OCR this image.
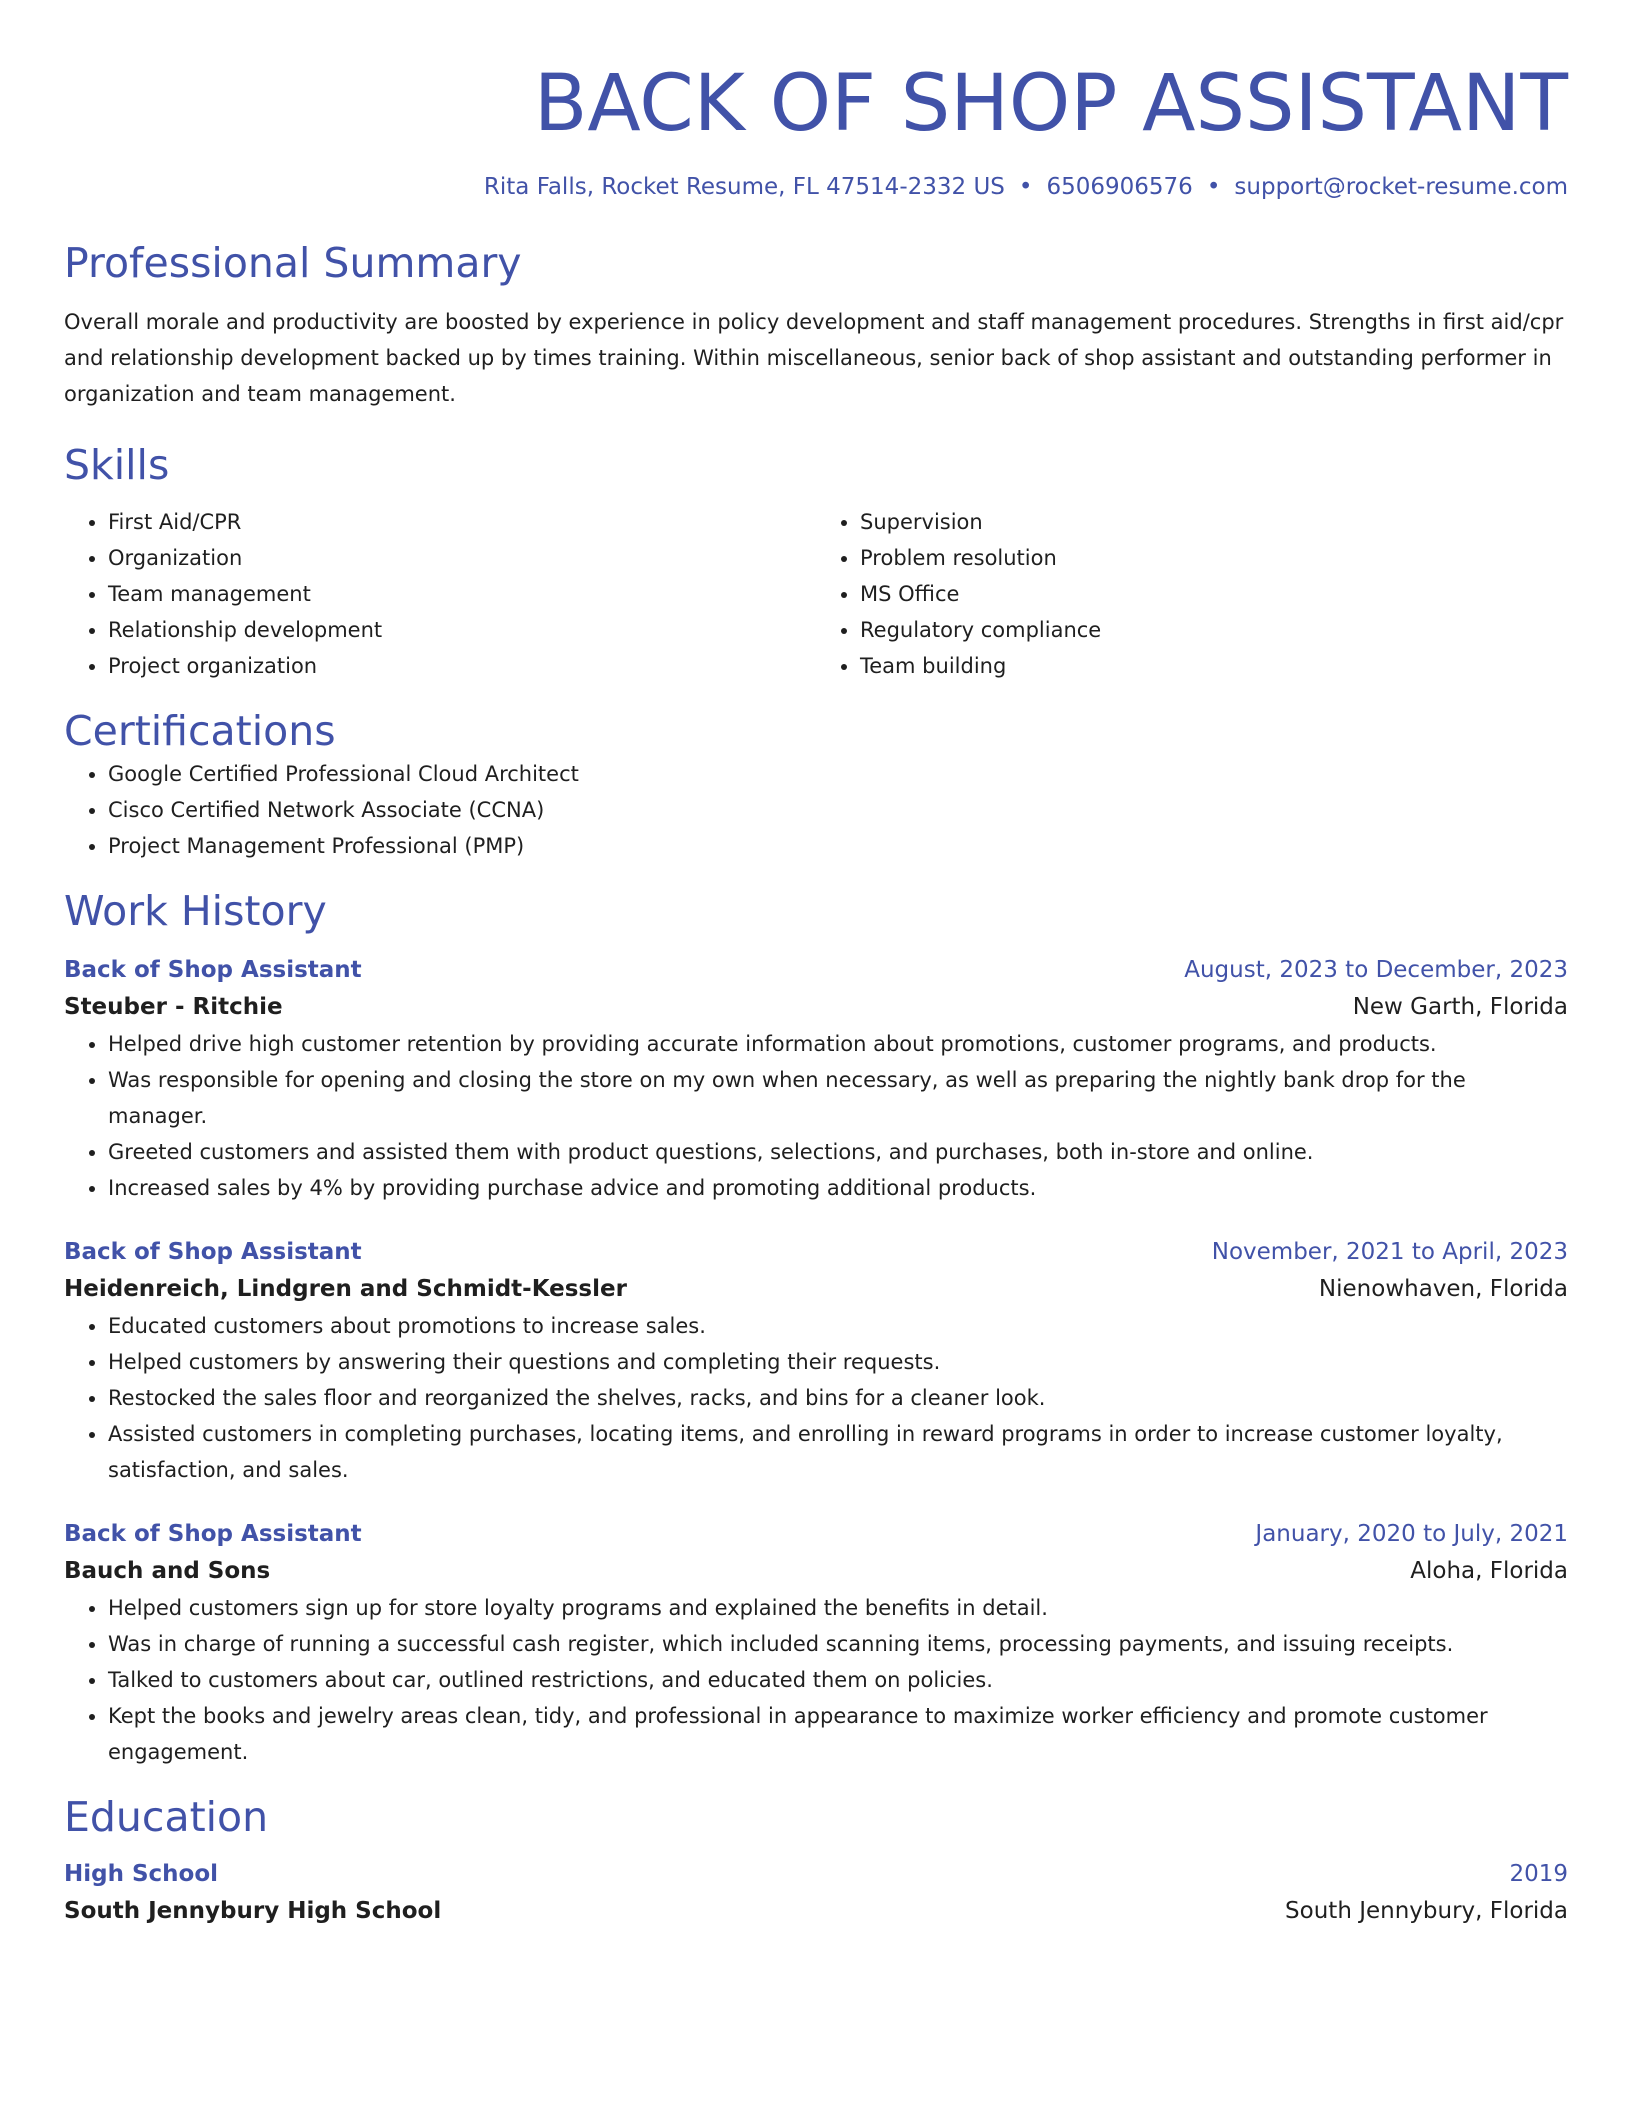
BACK OF SHOP ASSISTANT
Rita Falls, Rocket Resume, FL 47514-2332 US • 6506906576 • support@rocket-resume.com
Professional Summary

Overall morale and productivity are boosted by experience in policy development and staff management procedures. Strengths in first aid/cpr and relationship development backed up by times training. Within miscellaneous, senior back of shop assistant and outstanding performer in organization and team management.

Skills
• First Aid/CPR
• Organization
• Team management
• Relationship development
• Project organization
• Supervision
• Problem resolution
• MS Office
• Regulatory compliance
• Team building
Certifications
• Google Certified Professional Cloud Architect
• Cisco Certified Network Associate (CCNA)
• Project Management Professional (PMP)
Work History
Back of Shop Assistant	August, 2023 to December, 2023
Steuber - Ritchie	New Garth, Florida
• Helped drive high customer retention by providing accurate information about promotions, customer programs, and products.
• Was responsible for opening and closing the store on my own when necessary, as well as preparing the nightly bank drop for the manager.
• Greeted customers and assisted them with product questions, selections, and purchases, both in-store and online.
• Increased sales by 4% by providing purchase advice and promoting additional products.
Back of Shop Assistant	November, 2021 to April, 2023
Heidenreich, Lindgren and Schmidt-Kessler	Nienowhaven, Florida
• Educated customers about promotions to increase sales.
• Helped customers by answering their questions and completing their requests.
• Restocked the sales floor and reorganized the shelves, racks, and bins for a cleaner look.
• Assisted customers in completing purchases, locating items, and enrolling in reward programs in order to increase customer loyalty, satisfaction, and sales.
Back of Shop Assistant	January, 2020 to July, 2021
Bauch and Sons	Aloha, Florida
• Helped customers sign up for store loyalty programs and explained the benefits in detail.
• Was in charge of running a successful cash register, which included scanning items, processing payments, and issuing receipts.
• Talked to customers about car, outlined restrictions, and educated them on policies.
• Kept the books and jewelry areas clean, tidy, and professional in appearance to maximize worker efficiency and promote customer engagement.
Education
High School	2019
South Jennybury High School	South Jennybury, Florida
